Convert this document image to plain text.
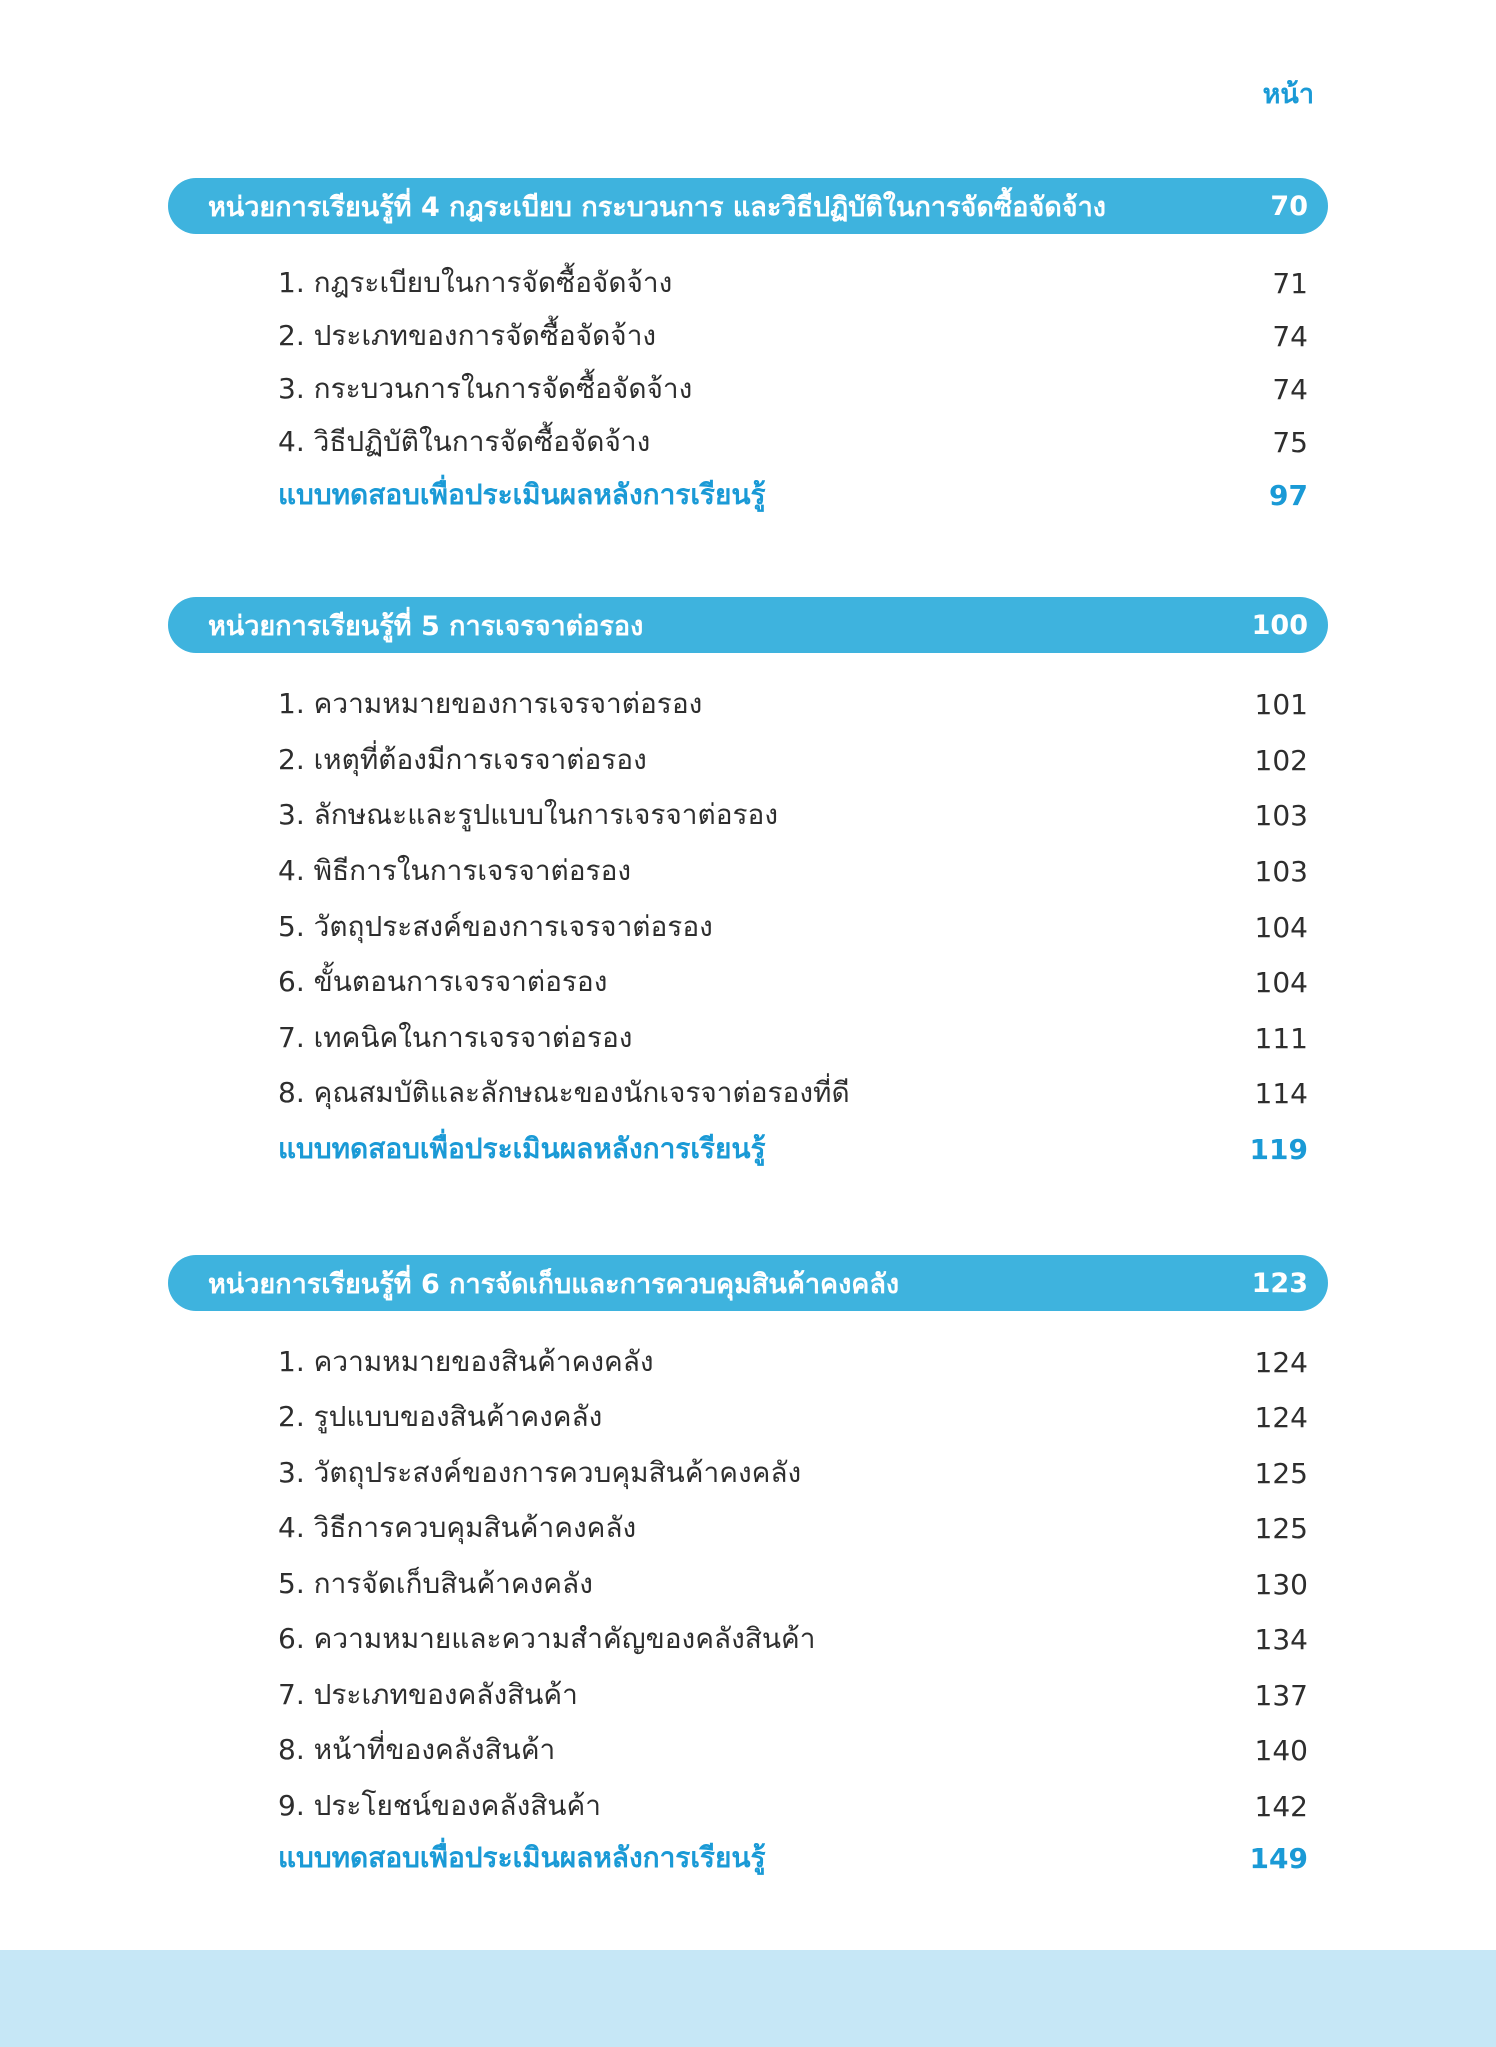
หน้า
หน่วยการเรียนรู้ที่ 4 กฎระเบียบ กระบวนการ และวิธีปฏิบัติในการจัดซื้อจัดจ้าง	70
1. กฎระเบียบในการจัดซื้อจัดจ้าง	71
2. ประเภทของการจัดซื้อจัดจ้าง	74
3. กระบวนการในการจัดซื้อจัดจ้าง	74
4. วิธีปฏิบัติในการจัดซื้อจัดจ้าง	75
แบบทดสอบเพื่อประเมินผลหลังการเรียนรู้	97
หน่วยการเรียนรู้ที่ 5 การเจรจาต่อรอง	100
1. ความหมายของการเจรจาต่อรอง	101
2. เหตุที่ต้องมีการเจรจาต่อรอง	102
3. ลักษณะและรูปแบบในการเจรจาต่อรอง	103
4. พิธีการในการเจรจาต่อรอง	103
5. วัตถุประสงค์ของการเจรจาต่อรอง	104
6. ขั้นตอนการเจรจาต่อรอง	104
7. เทคนิคในการเจรจาต่อรอง	111
8. คุณสมบัติและลักษณะของนักเจรจาต่อรองที่ดี	114
แบบทดสอบเพื่อประเมินผลหลังการเรียนรู้	119
หน่วยการเรียนรู้ที่ 6 การจัดเก็บและการควบคุมสินค้าคงคลัง	123
1. ความหมายของสินค้าคงคลัง	124
2. รูปแบบของสินค้าคงคลัง	124
3. วัตถุประสงค์ของการควบคุมสินค้าคงคลัง	125
4. วิธีการควบคุมสินค้าคงคลัง	125
5. การจัดเก็บสินค้าคงคลัง	130
6. ความหมายและความสำคัญของคลังสินค้า	134
7. ประเภทของคลังสินค้า	137
8. หน้าที่ของคลังสินค้า	140
9. ประโยชน์ของคลังสินค้า	142
แบบทดสอบเพื่อประเมินผลหลังการเรียนรู้	149
